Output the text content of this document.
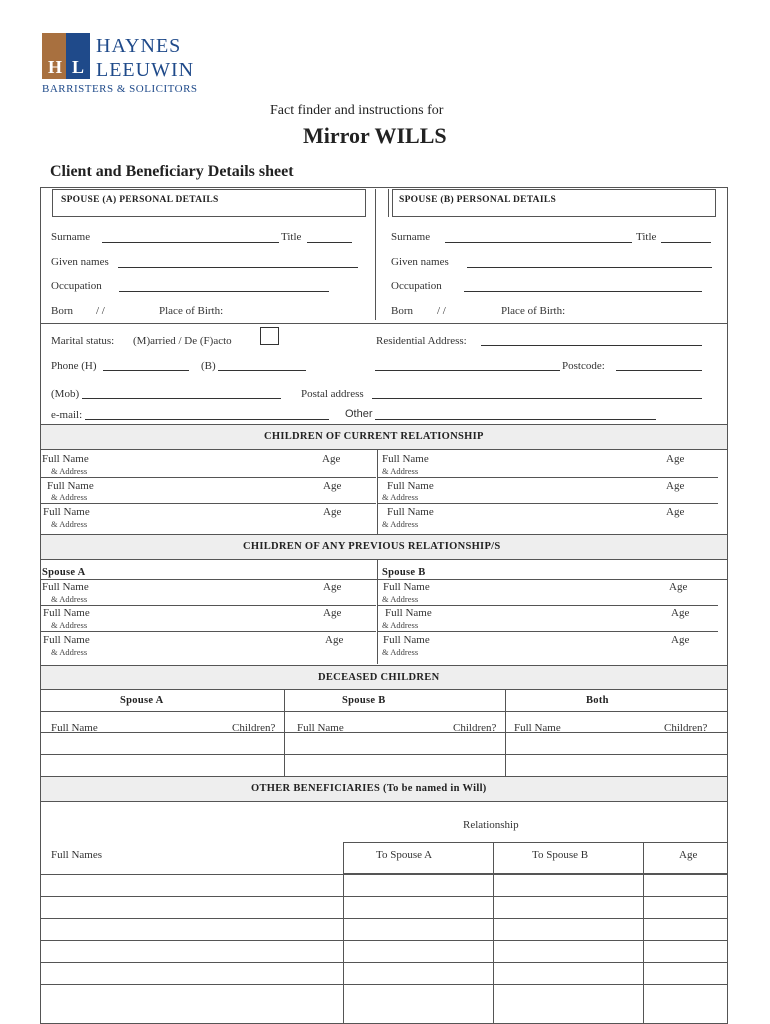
H L
HAYNES
LEEUWIN
BARRISTERS & SOLICITORS
Fact finder and instructions for
Mirror WILLS
Client and Beneficiary Details sheet
SPOUSE (A) PERSONAL DETAILS	SPOUSE (B) PERSONAL DETAILS
Surname	Title
Given names
Occupation
Born / /	Place of Birth:
Surname	Title
Given names
Occupation
Born / /	Place of Birth:
Marital status: (M)arried / De (F)acto	Residential Address:
Phone (H)	(B)	Postcode:
(Mob)	Postal address
e-mail:	Other
CHILDREN OF CURRENT RELATIONSHIP
Full Name	Age
& Address
Full Name	Age
& Address
Full Name	Age
& Address
Full Name	Age
& Address
Full Name	Age
& Address
Full Name	Age
& Address
CHILDREN OF ANY PREVIOUS RELATIONSHIP/S
Spouse A	Spouse B
Full Name	Age
& Address
Full Name	Age
& Address
Full Name	Age
& Address
Full Name	Age
& Address
Full Name	Age
& Address
Full Name	Age
& Address
DECEASED CHILDREN
Spouse A	Spouse B	Both
Full Name	Children? Full Name	Children? Full Name	Children?
OTHER BENEFICIARIES (To be named in Will)
Relationship
Full Names	To Spouse A	To Spouse B	Age
